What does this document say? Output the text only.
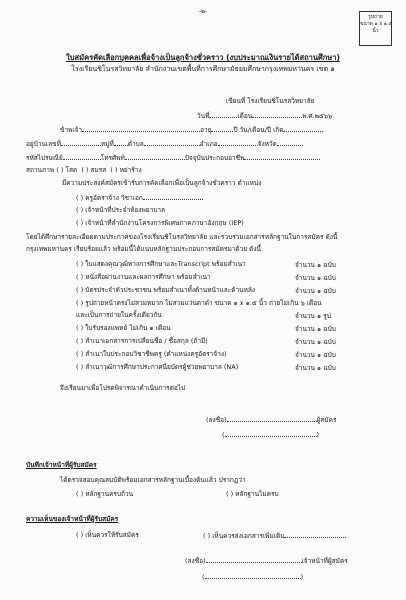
-๒-
รูปถ่าย
ขนาด ๑ x ๑.๕
นิ้ว
ใบสมัครคัดเลือกบุคคลเพื่อจ้างเป็นลูกจ้างชั่วคราว (งบประมาณเงินรายได้สถานศึกษา)
โรงเรียนชิโนรสวิทยาลัย สำนักงานเขตพื้นที่การศึกษามัธยมศึกษากรุงเทพมหานคร เขต ๑
เขียนที่ โรงเรียนชิโนรสวิทยาลัย
วันที่	เดือน	พ.ศ.๒๕๖๖
ข้าพเจ้า	อายุ	ปี วัน/เดือน/ปี เกิด
อยู่บ้านเลขที่	หมู่ที่ ตำบล	อำเภอ	จังหวัด
รหัสไปรษณีย์	โทรศัพท์	ปัจจุบันประกอบอาชีพ
สถานภาพ ( ) โสด ( ) สมรส ( ) หย่าร้าง
มีความประสงค์สมัครเข้ารับการคัดเลือกเพื่อเป็นลูกจ้างชั่วคราว ตำแหน่ง
( ) ครูอัตราจ้าง วิชาเอก
( ) เจ้าหน้าที่ประจำห้องพยาบาล
( ) เจ้าหน้าที่สำนักงานโครงการพิเศษภาคภาษาอังกฤษ (IEP)
โดยได้ศึกษารายละเอียดตามประกาศของโรงเรียนชิโนรสวิทยาลัย และรวบรวมเอกสารหลักฐานในการสมัคร ดังนี้
กรุงเทพมหานคร เรียบร้อยแล้ว พร้อมนี้ได้แนบหลักฐานประกอบการสมัครมาด้วย ดังนี้
( ) ใบแสดงคุณวุฒิทางการศึกษาและTranscript พร้อมสำเนา	จำนวน ๑ ฉบับ
( ) หนังสือผ่านงานและผลการศึกษา พร้อมสำเนา	จำนวน ๑ ฉบับ
( ) บัตรประจำตัวประชาชน พร้อมสำเนาทั้งด้านหน้าและด้านหลัง	จำนวน ๑ ฉบับ
( ) รูปถ่ายหน้าตรงไม่สวมหมวก ไม่สวมแว่นตาดำ ขนาด ๑ x ๑.๕ นิ้ว ถ่ายไม่เกิน ๖ เดือน
และเป็นการถ่ายในครั้งเดียวกัน	จำนวน ๑ รูป
( ) ใบรับรองแพทย์ ไม่เกิน ๑ เดือน	จำนวน ๑ ฉบับ
( ) สำเนาเอกสารการเปลี่ยนชื่อ / ชื่อสกุล (ถ้ามี)	จำนวน ๑ ฉบับ
( ) สำเนาใบประกอบวิชาชีพครู (ตำแหน่งครูอัตราจ้าง)	จำนวน ๑ ฉบับ
( ) สำเนาวุฒิการศึกษาประกาศนียบัตรผู้ช่วยพยาบาล (NA)	จำนวน ๑ ฉบับ
จึงเรียนมาเพื่อโปรดพิจารณาดำเนินการต่อไป
(ลงชื่อ)	ผู้สมัคร
(	)
บันทึกเจ้าหน้าที่ผู้รับสมัคร
ได้ตรวจสอบคุณสมบัติพร้อมเอกสารหลักฐานเบื้องต้นแล้ว ปรากฏว่า
( ) หลักฐานครบถ้วน	( ) หลักฐานไม่ครบ
ความเห็นของเจ้าหน้าที่ผู้รับสมัคร
( ) เห็นควรให้รับสมัคร	( ) เห็นควรส่งเอกสารเพิ่มเติม
(ลงชื่อ)	เจ้าหน้าที่ผู้สมัคร
(	)
